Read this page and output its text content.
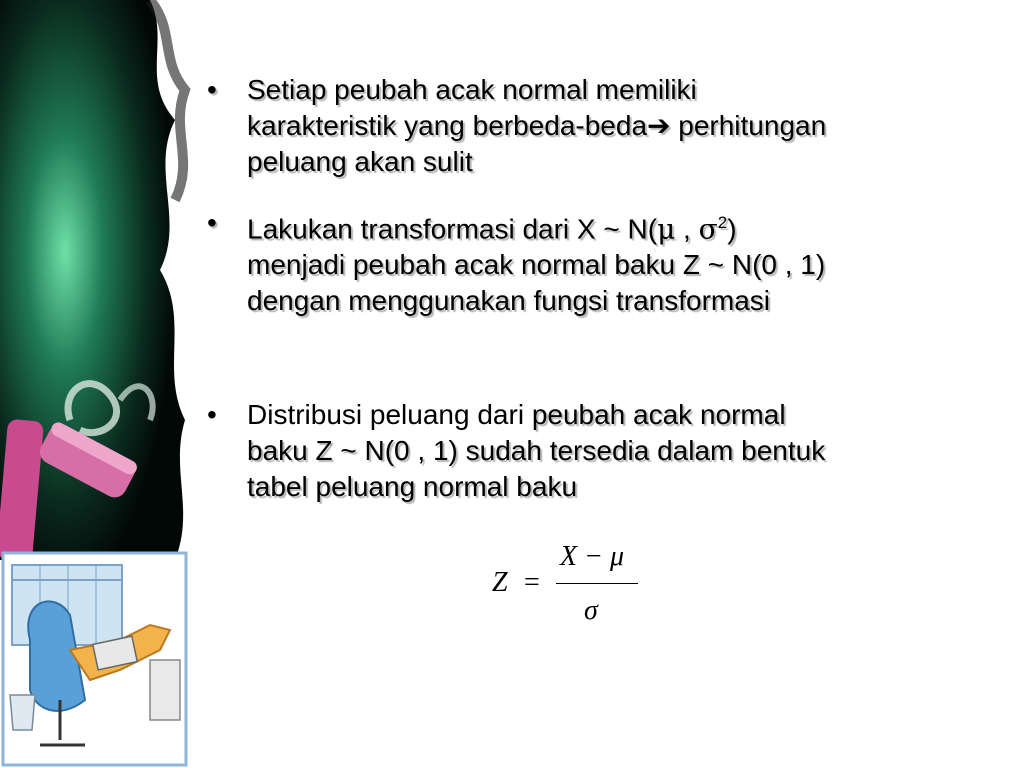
• Setiap peubah acak normal memiliki
karakteristik yang berbeda-beda➔ perhitungan
peluang akan sulit
• Lakukan transformasi dari X ~ N(μ , $\sigma^2$)
menjadi peubah acak normal baku Z ~ N(0 , 1)
dengan menggunakan fungsi transformasi
• Distribusi peluang dari peubah acak normal
baku Z ~ N(0 , 1) sudah tersedia dalam bentuk
tabel peluang normal baku
Z =
X − μ
σ
